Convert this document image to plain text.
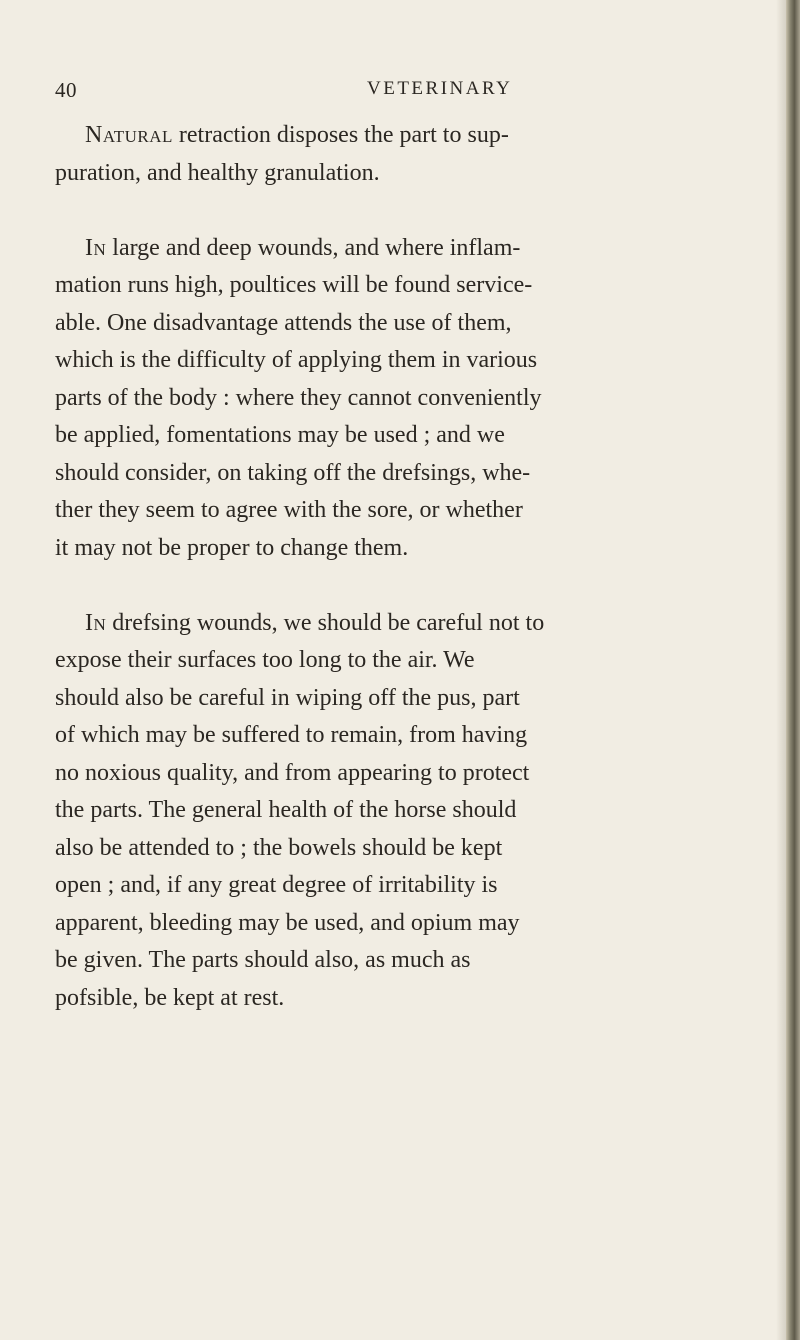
40	VETERINARY

Natural retraction disposes the part to sup-
puration, and healthy granulation.

In large and deep wounds, and where inflam-
mation runs high, poultices will be found service-
able. One disadvantage attends the use of them,
which is the difficulty of applying them in various
parts of the body : where they cannot conveniently
be applied, fomentations may be used ; and we
should consider, on taking off the drefsings, whe-
ther they seem to agree with the sore, or whether
it may not be proper to change them.

In drefsing wounds, we should be careful not to
expose their surfaces too long to the air. We
should also be careful in wiping off the pus, part
of which may be suffered to remain, from having
no noxious quality, and from appearing to protect
the parts. The general health of the horse should
also be attended to ; the bowels should be kept
open ; and, if any great degree of irritability is
apparent, bleeding may be used, and opium may
be given. The parts should also, as much as
pofsible, be kept at rest.
